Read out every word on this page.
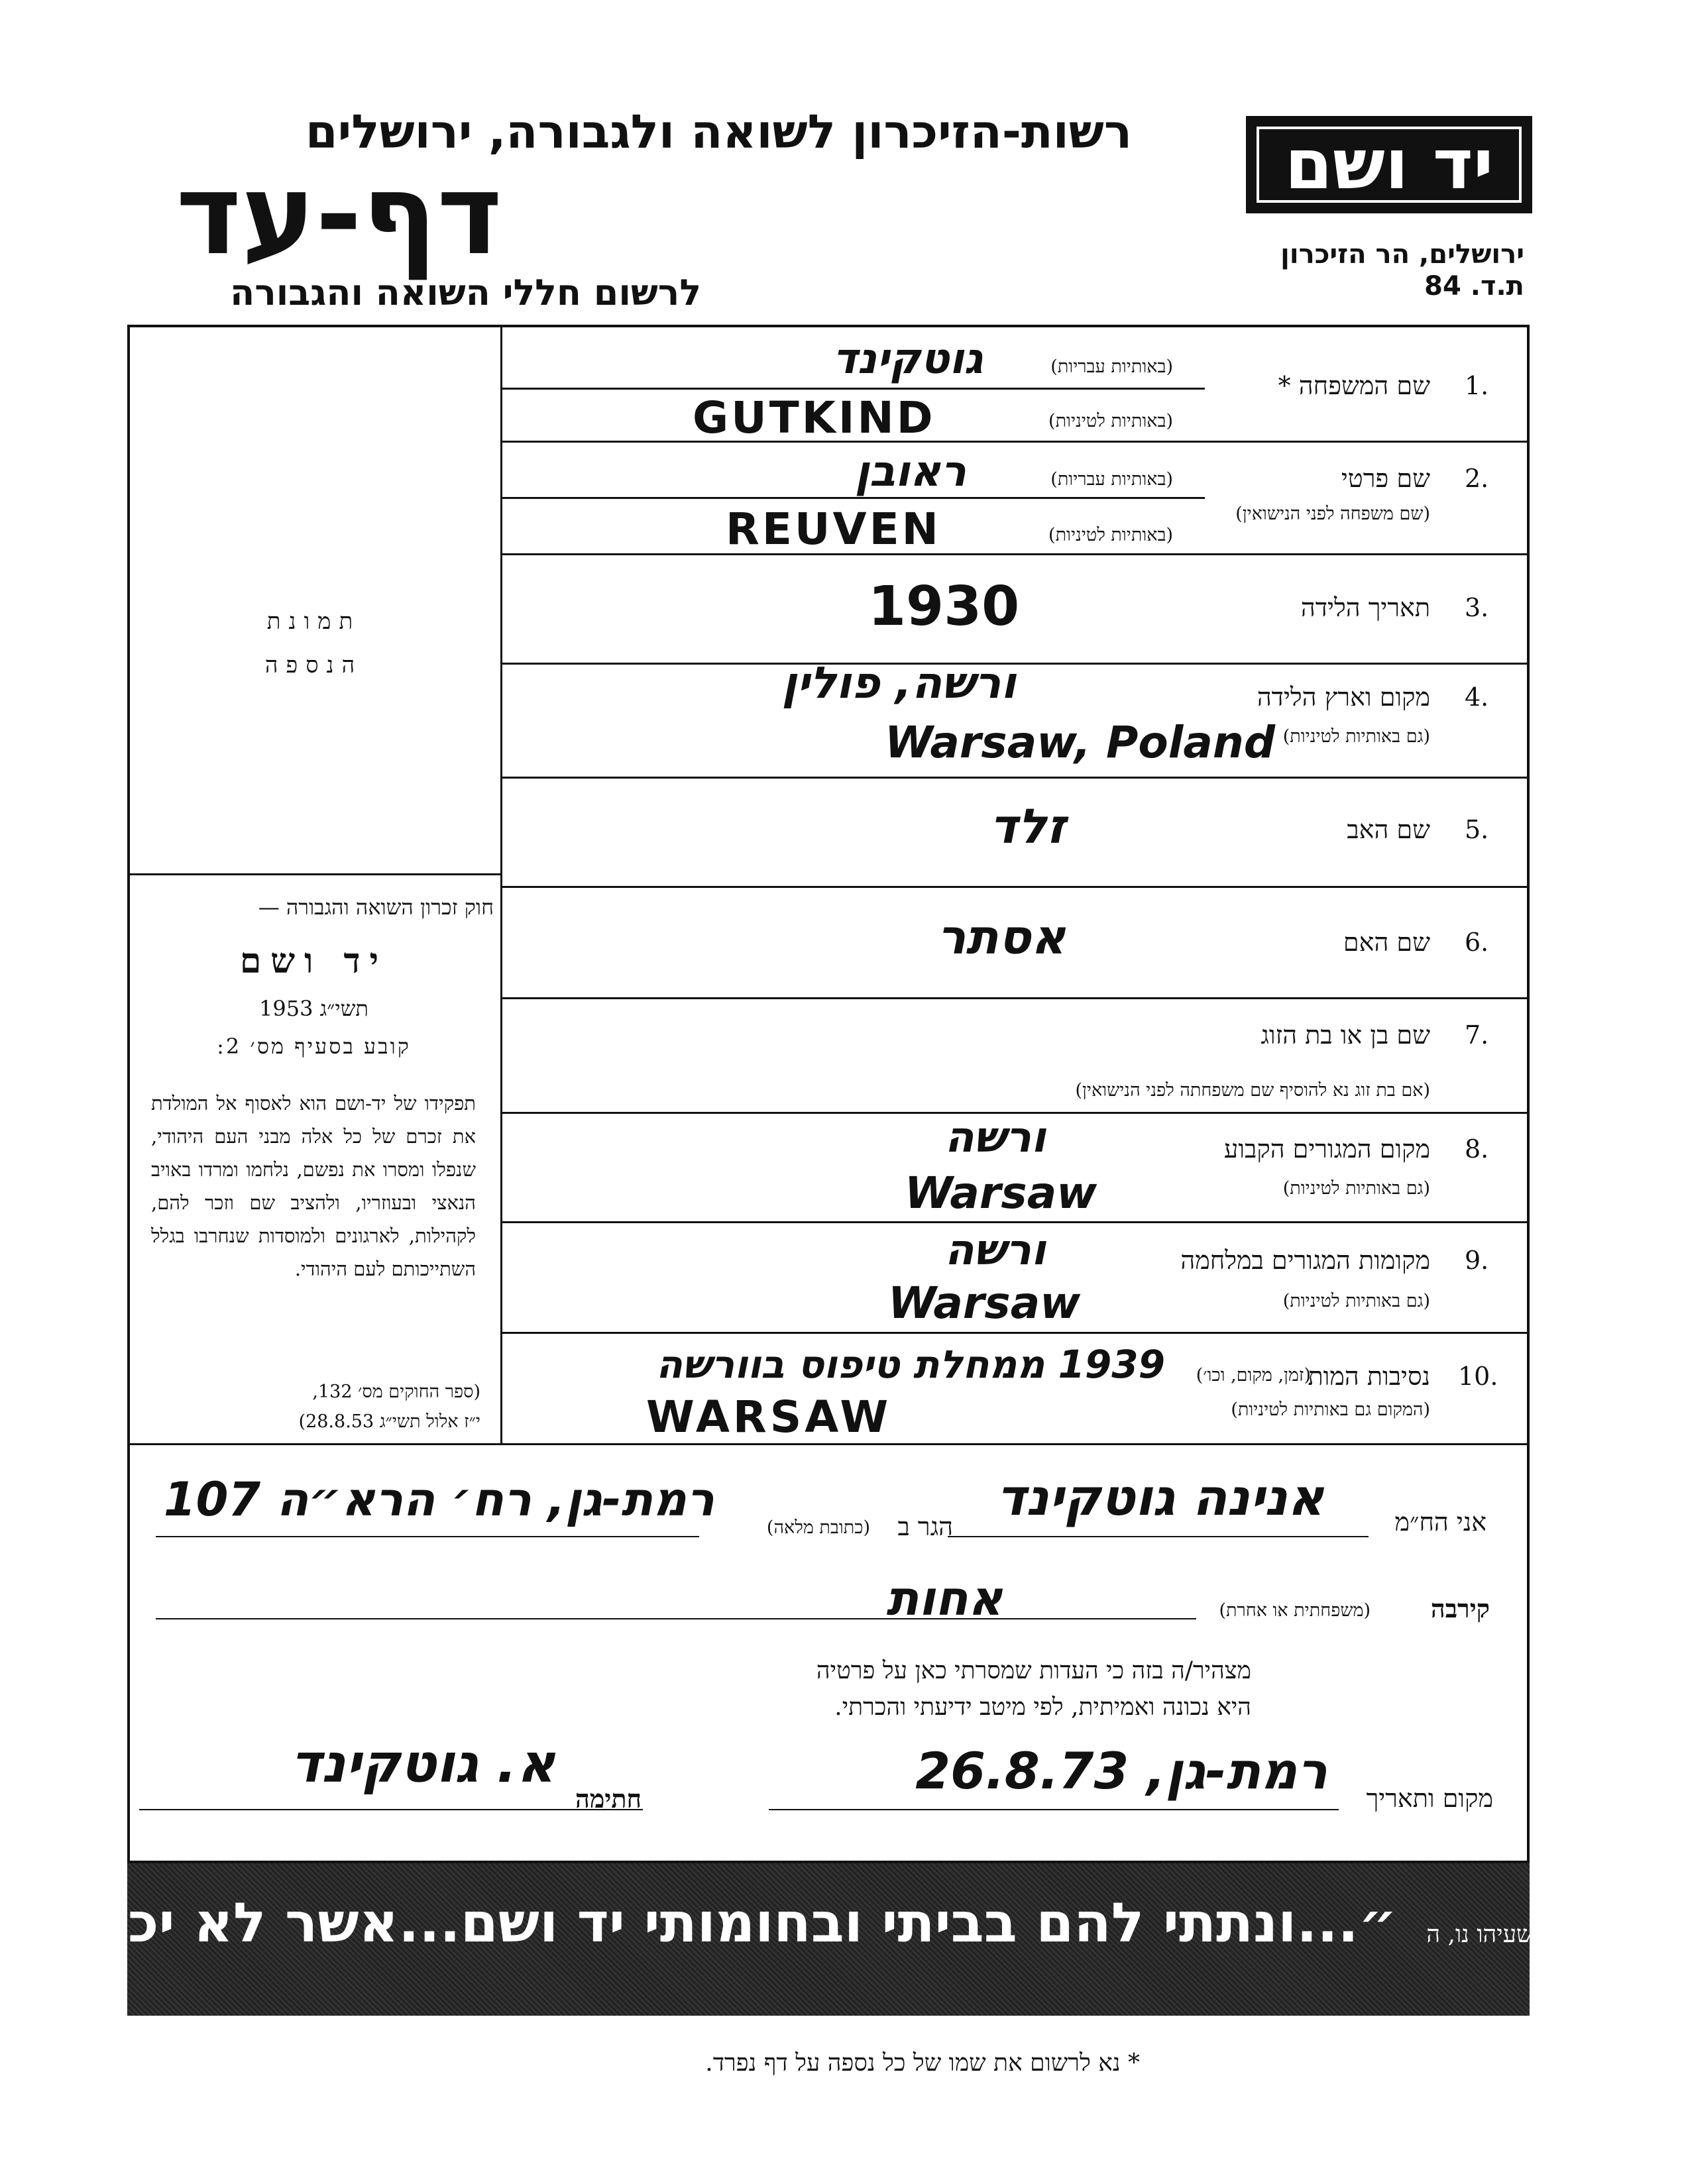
רשות-הזיכרון לשואה ולגבורה, ירושלים
דף-עד
לרשום חללי השואה והגבורה
יד ושם
ירושלים, הר הזיכרון
ת.ד. 84
1.
שם המשפחה *
(באותיות עבריות)
(באותיות לטיניות)
גוטקינד
GUTKIND
2.
שם פרטי
(שם משפחה לפני הנישואין)
(באותיות עבריות)
(באותיות לטיניות)
ראובן
REUVEN
3.
תאריך הלידה
1930
4.
מקום וארץ הלידה
(גם באותיות לטיניות)
ורשה, פולין
Warsaw, Poland
5.
שם האב
זלד
6.
שם האם
אסתר
7.
שם בן או בת הזוג
(אם בת זוג נא להוסיף שם משפחתה לפני הנישואין)
8.
מקום המגורים הקבוע
(גם באותיות לטיניות)
ורשה
Warsaw
9.
מקומות המגורים במלחמה
(גם באותיות לטיניות)
ורשה
Warsaw
10.
נסיבות המות
(זמן, מקום, וכו׳)
(המקום גם באותיות לטיניות)
1939 ממחלת טיפוס בוורשה
WARSAW
תמונת
הנספה
חוק זכרון השואה והגבורה —
יד ושם
תשי״ג 1953
קובע בסעיף מס׳ 2:
תפקידו של יד-ושם הוא לאסוף אל המולדת את זכרם של כל אלה מבני העם היהודי, שנפלו ומסרו את נפשם, נלחמו ומרדו באויב הנאצי ובעוזריו, ולהציב שם וזכר להם, לקהילות, לארגונים ולמוסדות שנחרבו בגלל השתייכותם לעם היהודי.
(ספר החוקים מס׳ 132,
י״ז אלול תשי״ג 28.8.53)
אני הח״מ
אנינה גוטקינד
הגר ב
(כתובת מלאה)
רמת-גן, רח׳ הרא״ה 107
קירבה
(משפחתית או אחרת)
אחות
מצהיר/ה בזה כי העדות שמסרתי כאן על פרטיה
היא נכונה ואמיתית, לפי מיטב ידיעתי והכרתי.
מקום ותאריך
רמת-גן, 26.8.73
חתימה
א. גוטקינד
״...ונתתי להם בביתי ובחומותי יד ושם...אשר לא יכרת״ ישעיהו נו, ה
* נא לרשום את שמו של כל נספה על דף נפרד.
